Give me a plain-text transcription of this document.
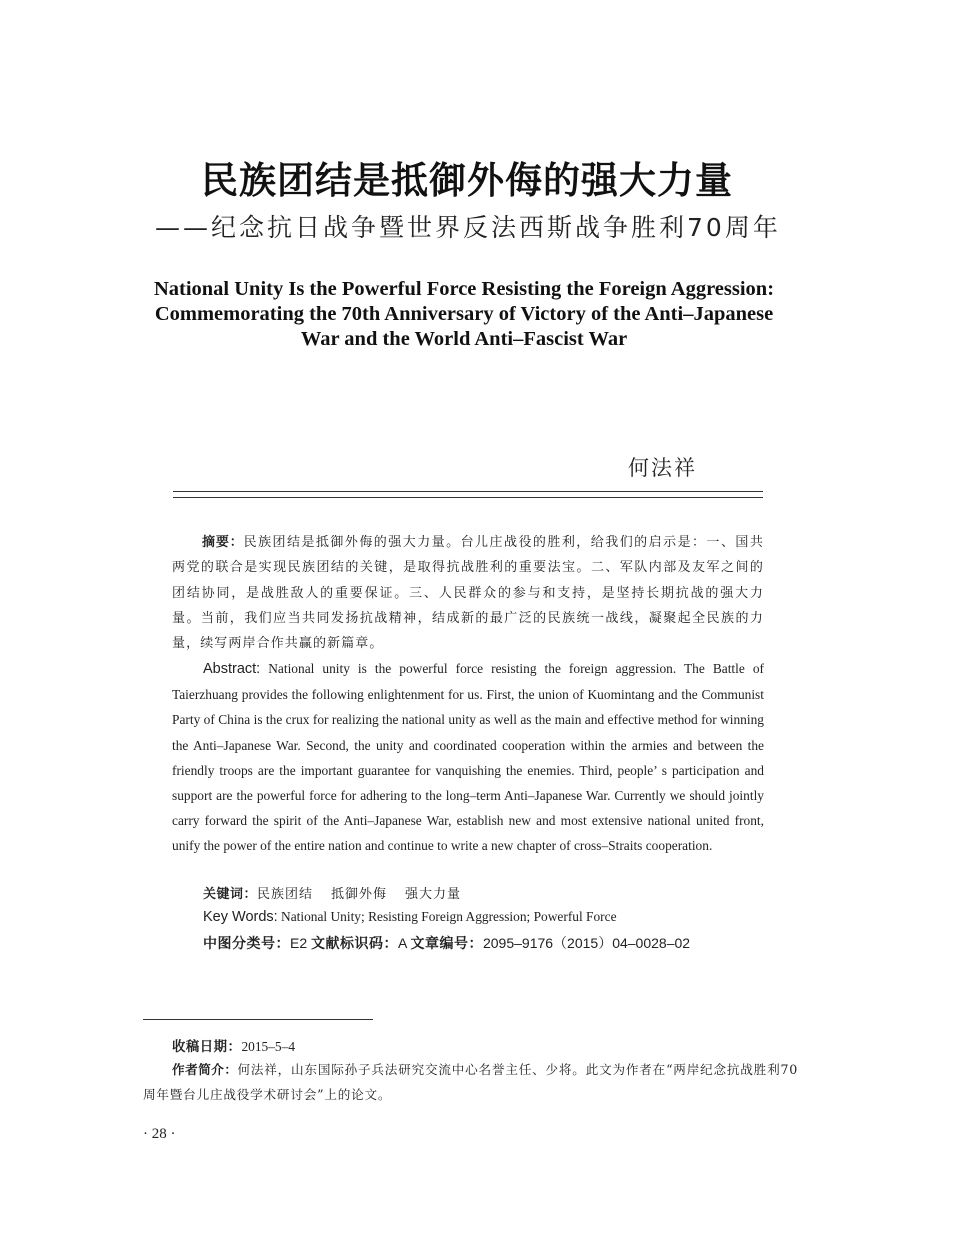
民族团结是抵御外侮的强大力量
——纪念抗日战争暨世界反法西斯战争胜利70周年
National Unity Is the Powerful Force Resisting the Foreign Aggression:
Commemorating the 70th Anniversary of Victory of the Anti–Japanese
War and the World Anti–Fascist War
何法祥
摘要：民族团结是抵御外侮的强大力量。台儿庄战役的胜利，给我们的启示是：一、国共两党的联合是实现民族团结的关键，是取得抗战胜利的重要法宝。二、军队内部及友军之间的团结协同，是战胜敌人的重要保证。三、人民群众的参与和支持，是坚持长期抗战的强大力量。当前，我们应当共同发扬抗战精神，结成新的最广泛的民族统一战线，凝聚起全民族的力量，续写两岸合作共赢的新篇章。
Abstract: National unity is the powerful force resisting the foreign aggression. The Battle of Taierzhuang provides the following enlightenment for us. First, the union of Kuomintang and the Communist Party of China is the crux for realizing the national unity as well as the main and effective method for winning the Anti–Japanese War. Second, the unity and coordinated cooperation within the armies and between the friendly troops are the important guarantee for vanquishing the enemies. Third, people’ s participation and support are the powerful force for adhering to the long–term Anti–Japanese War. Currently we should jointly carry forward the spirit of the Anti–Japanese War, establish new and most extensive national united front, unify the power of the entire nation and continue to write a new chapter of cross–Straits cooperation.
关键词：民族团结 抵御外侮 强大力量
Key Words: National Unity; Resisting Foreign Aggression; Powerful Force
中图分类号：E2 文献标识码：A 文章编号：2095–9176（2015）04–0028–02
收稿日期：2015–5–4
作者简介：何法祥，山东国际孙子兵法研究交流中心名誉主任、少将。此文为作者在“两岸纪念抗战胜利70周年暨台儿庄战役学术研讨会”上的论文。
· 28 ·
